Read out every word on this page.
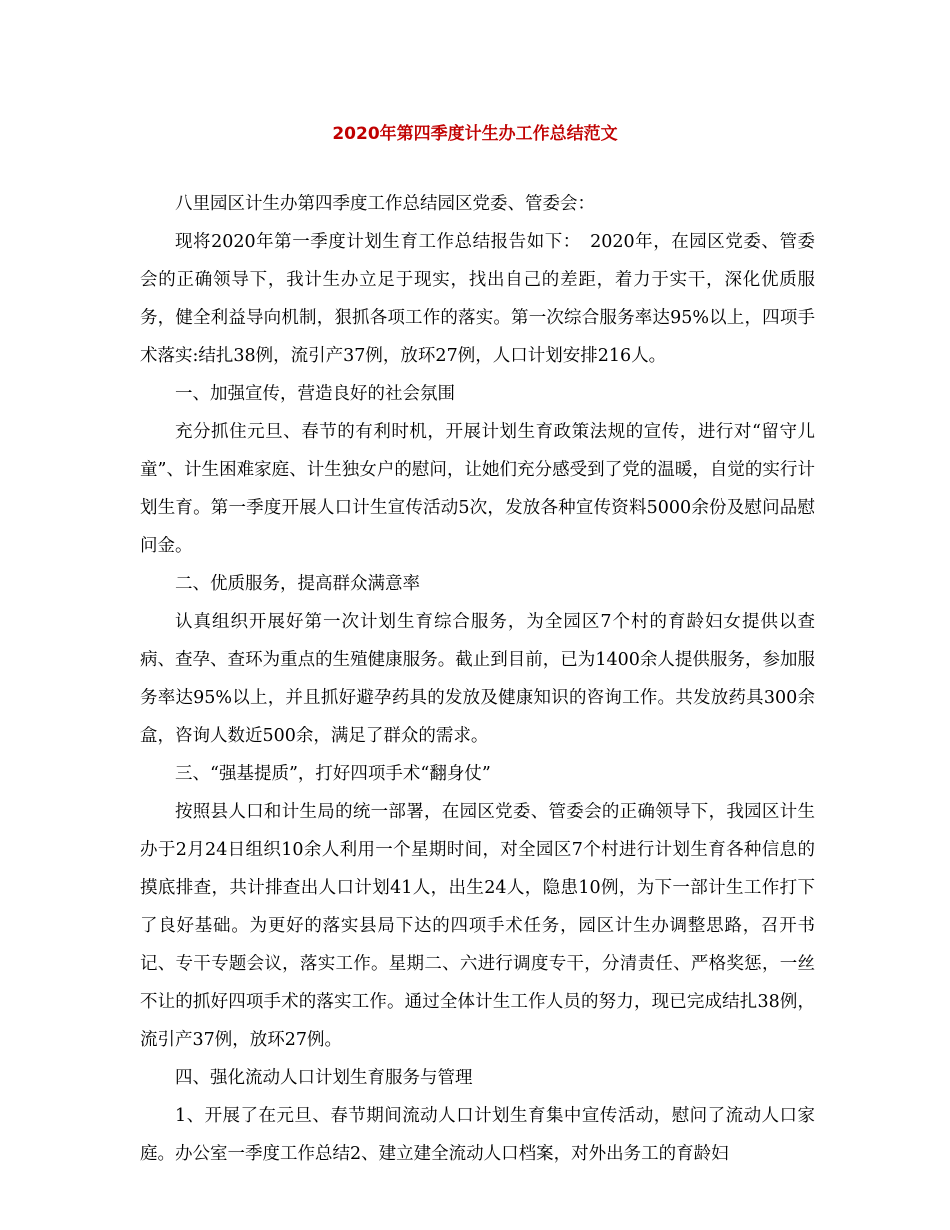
2020年第四季度计生办工作总结范文

八里园区计生办第四季度工作总结园区党委、管委会：

现将2020年第一季度计划生育工作总结报告如下：　2020年，在园区党委、管委会的正确领导下，我计生办立足于现实，找出自己的差距，着力于实干，深化优质服务，健全利益导向机制，狠抓各项工作的落实。第一次综合服务率达95%以上，四项手术落实:结扎38例，流引产37例，放环27例，人口计划安排216人。

一、加强宣传，营造良好的社会氛围

充分抓住元旦、春节的有利时机，开展计划生育政策法规的宣传，进行对“留守儿童”、计生困难家庭、计生独女户的慰问，让她们充分感受到了党的温暖，自觉的实行计划生育。第一季度开展人口计生宣传活动5次，发放各种宣传资料5000余份及慰问品慰问金。

二、优质服务，提高群众满意率

认真组织开展好第一次计划生育综合服务，为全园区7个村的育龄妇女提供以查病、查孕、查环为重点的生殖健康服务。截止到目前，已为1400余人提供服务，参加服务率达95%以上，并且抓好避孕药具的发放及健康知识的咨询工作。共发放药具300余盒，咨询人数近500余，满足了群众的需求。

三、“强基提质”，打好四项手术“翻身仗”

按照县人口和计生局的统一部署，在园区党委、管委会的正确领导下，我园区计生办于2月24日组织10余人利用一个星期时间，对全园区7个村进行计划生育各种信息的摸底排查，共计排查出人口计划41人，出生24人，隐患10例，为下一部计生工作打下了良好基础。为更好的落实县局下达的四项手术任务，园区计生办调整思路，召开书记、专干专题会议，落实工作。星期二、六进行调度专干，分清责任、严格奖惩，一丝不让的抓好四项手术的落实工作。通过全体计生工作人员的努力，现已完成结扎38例，流引产37例，放环27例。

四、强化流动人口计划生育服务与管理

1、开展了在元旦、春节期间流动人口计划生育集中宣传活动，慰问了流动人口家庭。办公室一季度工作总结2、建立建全流动人口档案，对外出务工的育龄妇
